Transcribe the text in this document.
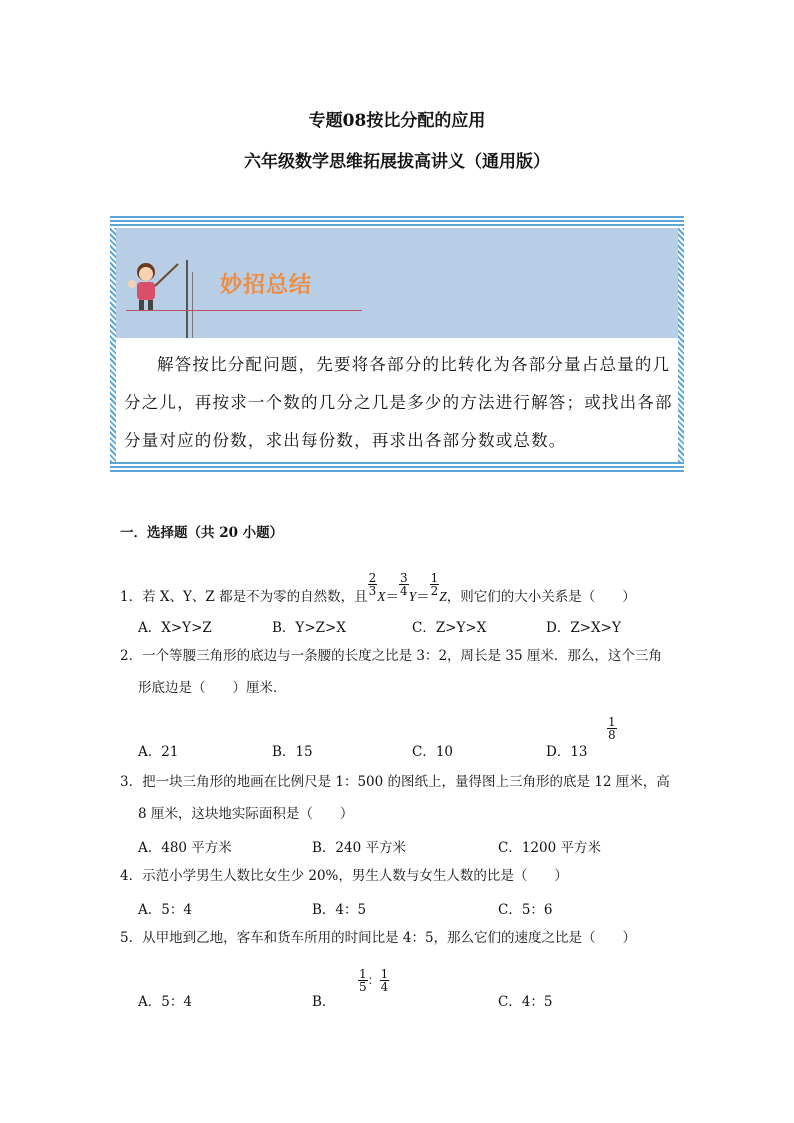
专题08按比分配的应用
六年级数学思维拓展拔高讲义（通用版）
妙招总结
解答按比分配问题，先要将各部分的比转化为各部分量占总量的几分之儿，再按求一个数的几分之几是多少的方法进行解答；或找出各部分量对应的份数，求出每份数，再求出各部分数或总数。
一．选择题（共 20 小题）
1．若 X、Y、Z 都是不为零的自然数，且 $\frac{2}{3} X= \frac{3}{4} Y= \frac{1}{2}$ Z，则它们的大小关系是（　　）
A．X>Y>Z	B．Y>Z>X	C．Z>Y>X	D．Z>X>Y
2．一个等腰三角形的底边与一条腰的长度之比是 3：2，周长是 35 厘米．那么，这个三角
形底边是（　　）厘米．
A．21	B．15	C．10	D．13
$\frac{1}{8}$
3．把一块三角形的地画在比例尺是 1：500 的图纸上，量得图上三角形的底是 12 厘米，高
8 厘米，这块地实际面积是（　　）
A．480 平方米	B．240 平方米	C．1200 平方米
4．示范小学男生人数比女生少 20%，男生人数与女生人数的比是（　　）
A．5：4	B．4：5	C．5：6
5．从甲地到乙地，客车和货车所用的时间比是 4：5，那么它们的速度之比是（　　）
A．5：4	B．
$\frac{1}{5}$ ： $\frac{1}{4}$
C．4：5
